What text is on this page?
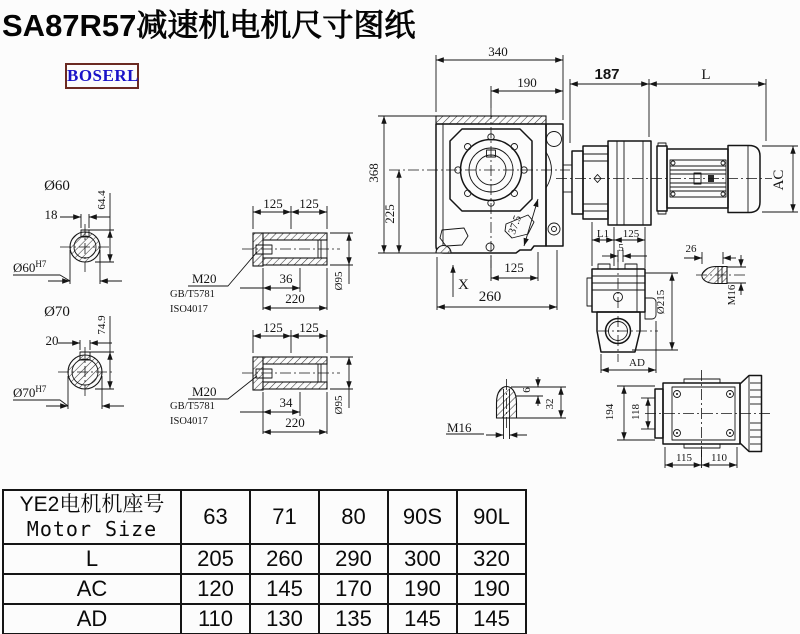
SA87R57减速机电机尺寸图纸
BOSERL
Ø60
18
64.4
$Ø60^{H7}$
Ø70
20
74.9
$Ø70^{H7}$
125 125
36
220
Ø95
M20
GB/T5781
ISO4017
125 125
34
220
Ø95
M20
GB/T5781
ISO4017
340
190
368
225	37.5
125
260
X
187	L
AC
L1 125
5
Ø215
AD
26
M16
M16
6
32	194 118
115 110
YE2电机机座号
Motor Size	63	71	80	90S	90L
L	205	260	290	300	320
AC	120	145	170	190	190
AD	110	130	135	145	145
